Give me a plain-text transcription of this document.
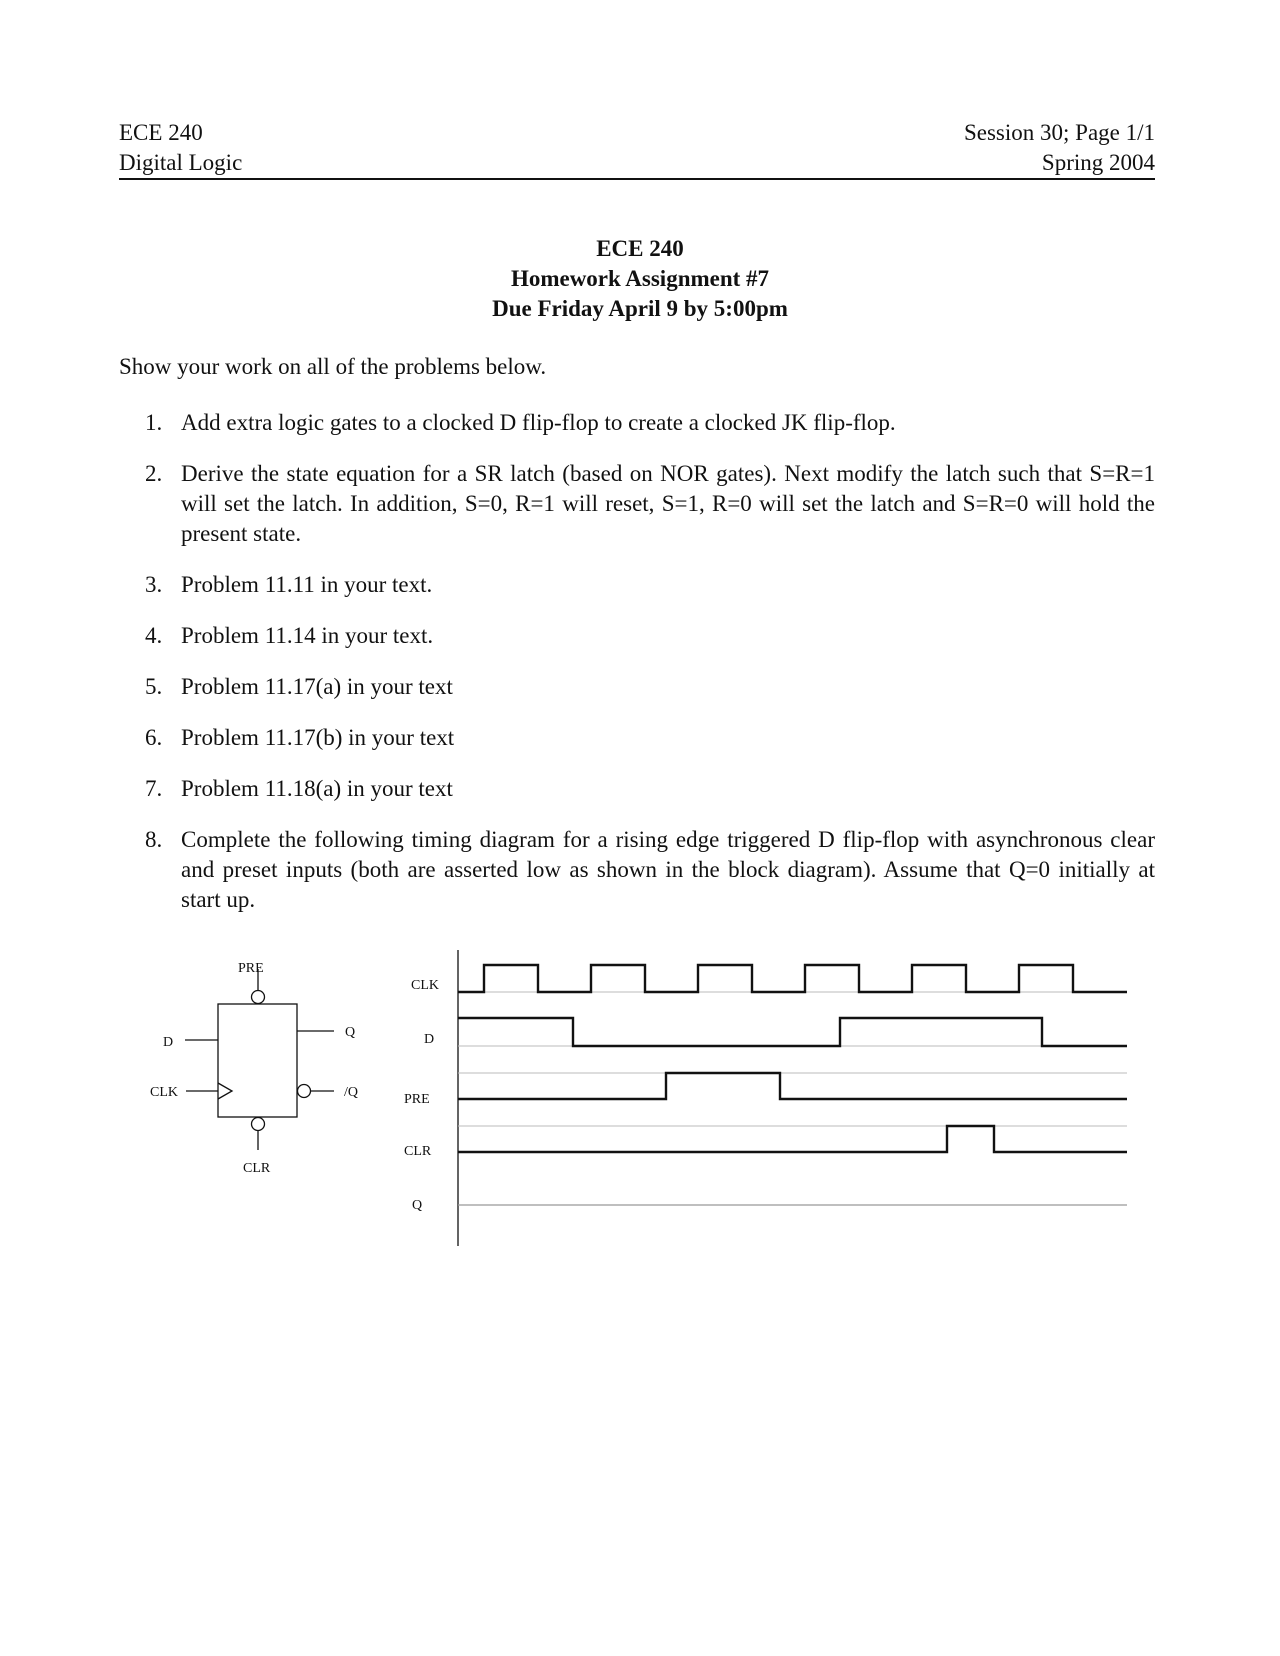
ECE 240
Digital Logic
Session 30; Page 1/1
Spring 2004
ECE 240
Homework Assignment #7
Due Friday April 9 by 5:00pm
Show your work on all of the problems below.
1. Add extra logic gates to a clocked D flip-flop to create a clocked JK flip-flop.
2. Derive the state equation for a SR latch (based on NOR gates). Next modify the latch such that S=R=1 will set the latch. In addition, S=0, R=1 will reset, S=1, R=0 will set the latch and S=R=0 will hold the present state.
3. Problem 11.11 in your text.
4. Problem 11.14 in your text.
5. Problem 11.17(a) in your text
6. Problem 11.17(b) in your text
7. Problem 11.18(a) in your text
8. Complete the following timing diagram for a rising edge triggered D flip-flop with asynchronous clear and preset inputs (both are asserted low as shown in the block diagram). Assume that Q=0 initially at start up.
PRE
D
Q
CLK	/Q
CLR
CLK
D
PRE
CLR
Q
